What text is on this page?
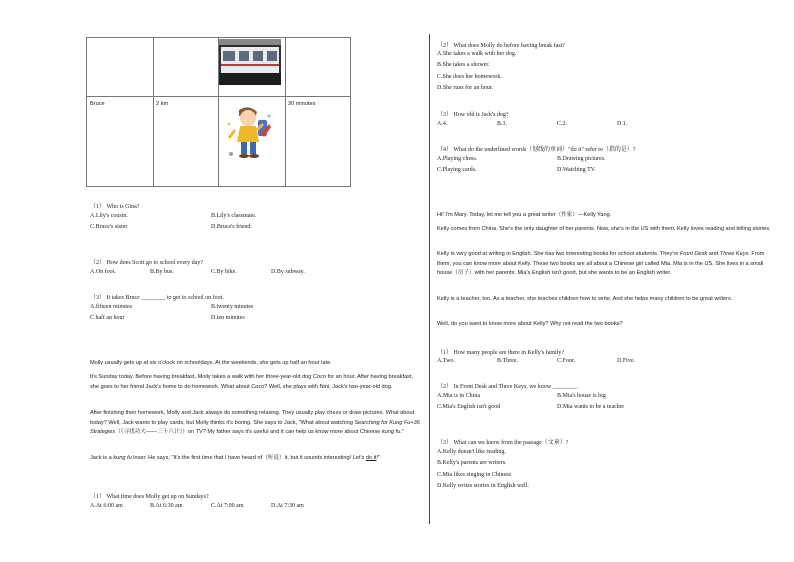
Bruce	2 km	30 minutes
（1） Who is Gina?
A.Lily's cousin.	B.Lily's classmate.
C.Bruce's sister.	D.Bruce's friend.
（2） How does Scott go to school every day?
A.On foot.	B.By bus.	C.By bike.	D.By subway.
（3） It takes Bruce ________ to get to school on foot.
A.fifteen minutes	B.twenty minutes
C.half an hour	D.ten minutes
Molly usually gets up at six o'clock on schooldays. At the weekends, she gets up half an hour late.
It's Sunday today. Before having breakfast, Molly takes a walk with her three-year-old dog Coco for an hour. After having breakfast, she goes to her friend Jack's home to do homework. What about Coco? Well, she plays with Nini, Jack's two-year-old dog.
After finishing their homework, Molly and Jack always do something relaxing. They usually play chess or draw pictures. What about today? Well, Jack wants to play cards, but Molly thinks it's boring. She says to Jack, "What about watching Searching for Kung Fu+36 Strategies（《寻找功夫——三十六计》）on TV? My father says it's useful and it can help us know more about Chinese kung fu."
Jack is a kung fu lover. He says, "It's the first time that I have heard of（听说）it, but it sounds interesting! Let's do it!"
（1） What time does Molly get up on Sundays?
A.At 6:00 am	B.At 6:30 am	C.At 7:00 am	D.At 7:30 am
（2） What does Molly do before having break fast?
A.She takes a walk with her dog.
B.She takes a shower.
C.She does her homework.
D.She runs for an hour.
（3） How old is Jack's dog?
A.4.	B.3.	C.2.	D.1.
（4） What do the underlined words（划线的单词）"do it" refer to（指的是）?
A.Playing chess.	B.Drawing pictures.
C.Playing cards.	D.Watching TV.
Hi! I'm Mary. Today, let me tell you a great writer（作家）—Kelly Yang.
Kelly comes from China. She's the only daughter of her parents. Now, she's in the US with them. Kelly loves reading and telling stories.
Kelly is very good at writing in English. She has two interesting books for school students. They're Front Desk and Three Keys. From them, you can know more about Kelly. These two books are all about a Chinese girl called Mia. Mia is in the US. She lives in a small house（房子）with her parents. Mia's English isn't good, but she wants to be an English writer.
Kelly is a teacher, too. As a teacher, she teaches children how to write. And she helps many children to be great writers.
Well, do you want to know more about Kelly? Why not read the two books?
（1） How many people are there in Kelly's family?
A.Two.	B.Three.	C.Four.	D.Five.
（2） In Front Desk and Three Keys, we know ________.
A.Mia is in China	B.Mia's house is big
C.Mia's English isn't good	D.Mia wants to be a teacher
（3） What can we know from the passage（文章）?
A.Kelly doesn't like reading.
B.Kelly's parents are writers.
C.Mia likes singing in Chinese.
D.Kelly writes stories in English well.
